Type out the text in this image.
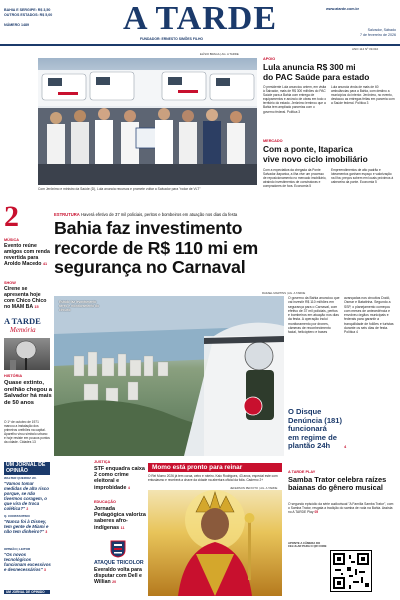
BAHIA E SERGIPE: R$ 3,50
OUTROS ESTADOS: R$ 5,00
NÚMERO 1489	A TARDE
FUNDADOR: ERNESTO SIMÕES FILHO
www.atarde.com.br
Salvador, Sábado
7 de fevereiro de 2026
ANO 114 Nº 39.010
ELÍSIO BRAGA | AG. A TARDE
Com Jerônimo e ministro da Saúde (D), Lula anuncia recursos e promete voltar a Salvador para "rodar de VLT"
APOIO
Lula anuncia R$ 300 mi
do PAC Saúde para estado
O presidente Lula anunciou ontem, em visita à Salvador, mais de R$ 300 milhões do PAC Saúde para a Bahia com entrega de equipamentos e anúncio de obras em todo o território do estado. Jerônimo lembrou que a Bahia tem ampliado parcerias com o governo federal. Política 3
Lula anuncia vinda de mais de 60 ambulâncias para a Bahia, com destino a municípios do interior. Jerônimo, no evento, destacou as entregas feitas em parceria com a Saúde federal. Política 3
MERCADO
Com a ponte, Itaparica
vive novo ciclo imobiliário
Com a expectativa da chegada da Ponte Salvador-Itaparica, a ilha vive um processo de reposicionamento no mercado imobiliário, atraindo investimentos de construtoras e compradores de fora. Economia 5
Empreendimentos de alto padrão e loteamentos ganham espaço e valorização na Ilha; preços sobem em locais próximos à cabeceira da ponte. Economia 5
2
MÚSICA
Evento reúne amigos com renda revertida para Aroldo Macedo 41
SHOW
Cirene se apresenta hoje com Chico Chico no MAM BA 15
ESTRUTURA Haverá efetivo de 37 mil policiais, peritos e bombeiros em atuação nos dias da festa
Bahia faz investimento
recorde de R$ 110 mi em
segurança no Carnaval
RAFAEL MARTINS | AG. A TARDE
Estado faz levantamento aéreo e monitoramento do circuito
O governo da Bahia anunciou que vai investir R$ 110 milhões em segurança para o Carnaval, com efetivo de 37 mil policiais, peritos e bombeiros em atuação nos dias da festa. A operação inclui monitoramento por drones, câmeras de reconhecimento facial, helicóptero e bases avançadas nos circuitos Dodô, Osmar e Batatinha. Segundo a SSP, o planejamento começou com meses de antecedência e envolveu órgãos municipais e federais para garantir a tranquilidade de foliões e turistas durante os seis dias de festa. Política 4
O Disque
Denúncia (181)
funcionará
em regime de
plantão 24h	4
A TARDE
Memória
HISTÓRIA
Quase extinto, orelhão chegou a Salvador há mais de 50 anos
O 1º de outubro de 1971 marcou a instalação dos primeiros orelhões na capital. Aparelho virou símbolo urbano e hoje resiste em poucos pontos da cidade. Cidades 13
UM JORNAL DE OPINIÃO
WALTER QUEIROZ JR.
"Vamos tomar medidas de alto risco porque, se não tivermos coragem, o que vira de troca colética?" 2
Q. CONSTANTINO
"Nunca foi à Disney, tem gente de Miami e não tem dinheiro?" 3
OPINIÃO | LEITOR
"Os novos tecnológicos funcionam excessivos e desnecessários" 3
UM JORNAL DE OPINIÃO
JUSTIÇA
STF enquadra caixa 2 como crime eleitoral e improbidade 4
EDUCAÇÃO
Jornada Pedagógica valoriza saberes afro-indígenas 11
ATAQUE TRICOLOR
Everaldo volta para disputar com Dell e Willian 20
Momo está pronto para reinar
O Rei Momo 2026 já tem coroa, cetro e roteiro. Kaio Rodrigues, 43 anos, especial este com entusiasmo e receberá a chave da cidade na abertura oficial da folia. Caderno 2+
JEFERSON PEIXOTO | AG. A TARDE
A TARDE PLAY
Samba Trator celebra raízes baianas do gênero musical
O segundo episódio da série audiovisual "A Família Samba Trator", com o Samba Trator, resgata a tradição do samba de roda na Bahia. Assista no A TARDE Play 05
APONTE A CÂMERA DO CELULAR PARA O QR CODE
